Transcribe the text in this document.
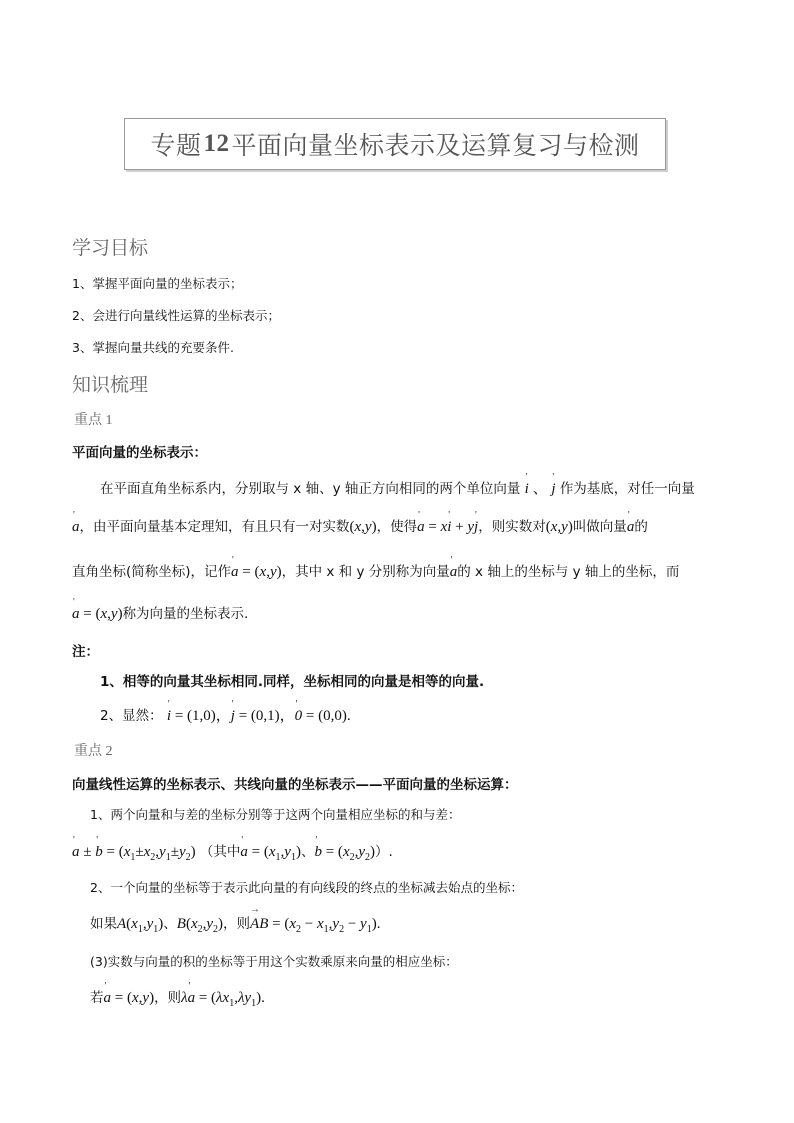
专题 12 平面向量坐标表示及运算复习与检测
学习目标
1、掌握平面向量的坐标表示；
2、会进行向量线性运算的坐标表示；
3、掌握向量共线的充要条件.
知识梳理
重点 1
平面向量的坐标表示：
在平面直角坐标系内，分别取与 x 轴、y 轴正方向相同的两个单位向量 ' i 、 ' j 作为基底，对任一向量
' a，由平面向量基本定理知，有且只有一对实数(x,y)，使得' a = x' i + y' j，则实数对(x,y)叫做向量' a的
直角坐标(简称坐标)，记作' a = (x,y)，其中 x 和 y 分别称为向量' a的 x 轴上的坐标与 y 轴上的坐标，而
' a = (x,y)称为向量的坐标表示.
注：
1、相等的向量其坐标相同.同样，坐标相同的向量是相等的向量.
2、显然： ' i = (1,0)，' j = (0,1)，' 0 = (0,0).
重点 2
向量线性运算的坐标表示、共线向量的坐标表示——平面向量的坐标运算：
1、两个向量和与差的坐标分别等于这两个向量相应坐标的和与差：
' a ± ' $b = (x_1\pm x_2,y_1\pm y_2)$ （其中' $a = (x_1,y_1)$、' $b = (x_2,y_2)$）.
2、一个向量的坐标等于表示此向量的有向线段的终点的坐标减去始点的坐标：
如果$A(x_1,y_1)$、$B(x_2,y_2)$，则→ AB = $(x_2 - x_1,y_2 - y_1)$.
(3)实数与向量的积的坐标等于用这个实数乘原来向量的相应坐标：
若' a = (x,y)，则λ' $a = (\lambda x_1,\lambda y_1)$.
